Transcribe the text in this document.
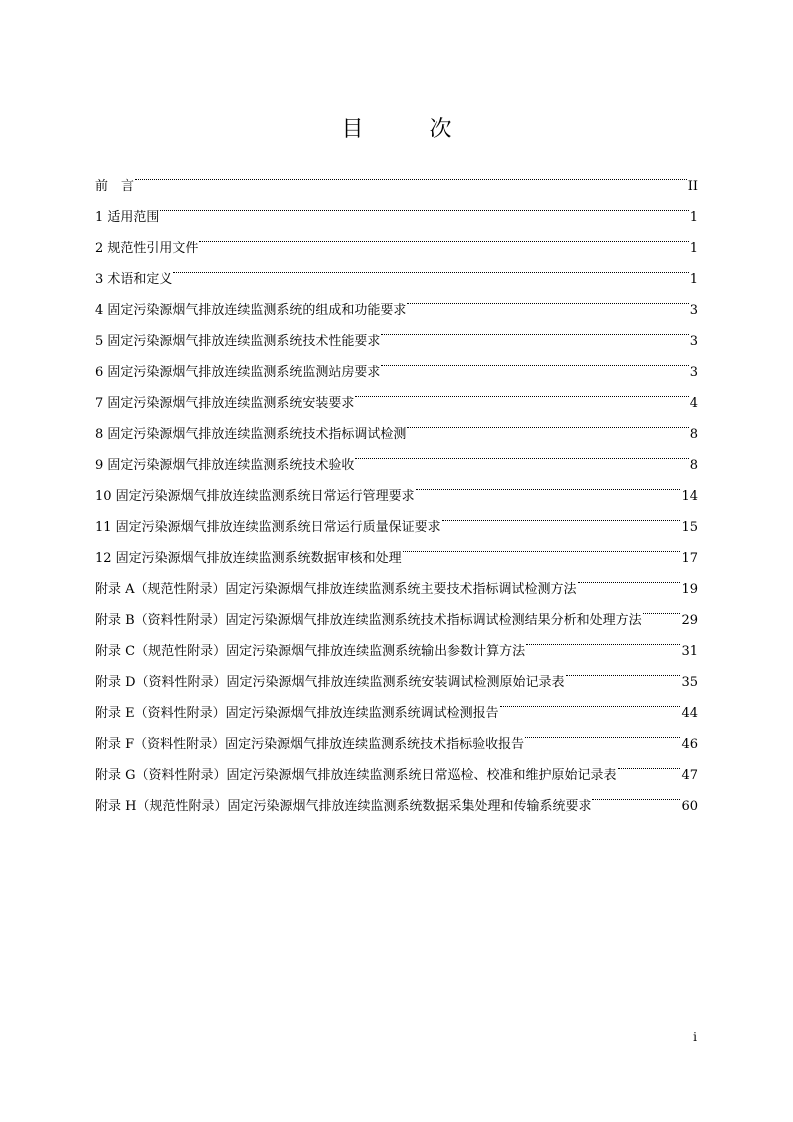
目　次
前　言	II
1 适用范围	1
2 规范性引用文件	1
3 术语和定义	1
4 固定污染源烟气排放连续监测系统的组成和功能要求	3
5 固定污染源烟气排放连续监测系统技术性能要求	3
6 固定污染源烟气排放连续监测系统监测站房要求	3
7 固定污染源烟气排放连续监测系统安装要求	4
8 固定污染源烟气排放连续监测系统技术指标调试检测	8
9 固定污染源烟气排放连续监测系统技术验收	8
10 固定污染源烟气排放连续监测系统日常运行管理要求	14
11 固定污染源烟气排放连续监测系统日常运行质量保证要求	15
12 固定污染源烟气排放连续监测系统数据审核和处理	17
附录 A（规范性附录）固定污染源烟气排放连续监测系统主要技术指标调试检测方法	19
附录 B（资料性附录）固定污染源烟气排放连续监测系统技术指标调试检测结果分析和处理方法	29
附录 C（规范性附录）固定污染源烟气排放连续监测系统输出参数计算方法	31
附录 D（资料性附录）固定污染源烟气排放连续监测系统安装调试检测原始记录表	35
附录 E（资料性附录）固定污染源烟气排放连续监测系统调试检测报告	44
附录 F（资料性附录）固定污染源烟气排放连续监测系统技术指标验收报告	46
附录 G（资料性附录）固定污染源烟气排放连续监测系统日常巡检、校准和维护原始记录表	47
附录 H（规范性附录）固定污染源烟气排放连续监测系统数据采集处理和传输系统要求	60
i
